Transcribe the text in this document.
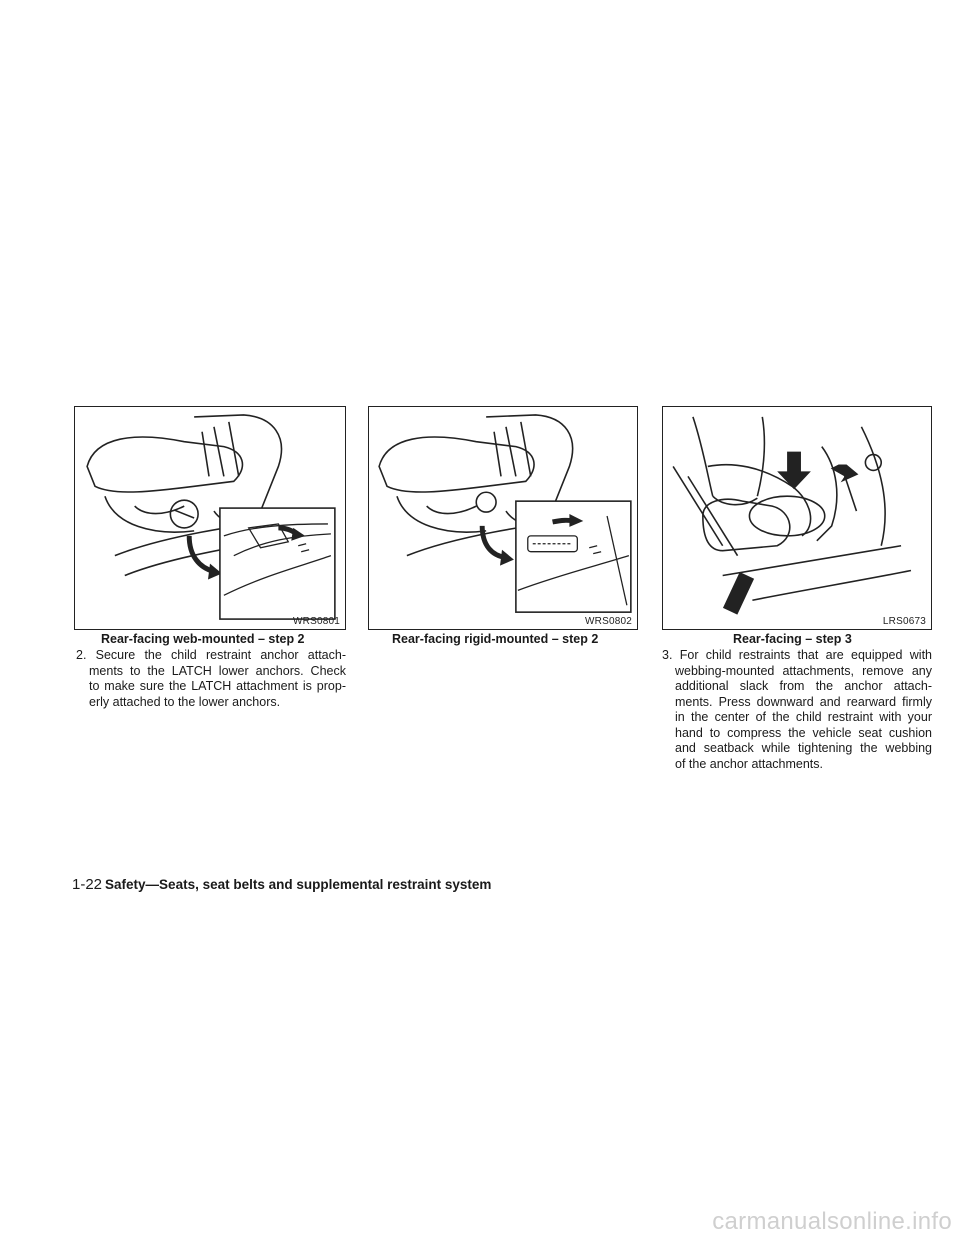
WRS0801	WRS0802	LRS0673
Rear-facing web-mounted – step 2	Rear-facing rigid-mounted – step 2	Rear-facing – step 3
2. Secure the child restraint anchor attach-
ments to the LATCH lower anchors. Check
to make sure the LATCH attachment is prop-
erly attached to the lower anchors.
3. For child restraints that are equipped with
webbing-mounted attachments, remove any
additional slack from the anchor attach-
ments. Press downward and rearward firmly
in the center of the child restraint with your
hand to compress the vehicle seat cushion
and seatback while tightening the webbing
of the anchor attachments.
1-22 Safety—Seats, seat belts and supplemental restraint system
carmanualsonline.info
